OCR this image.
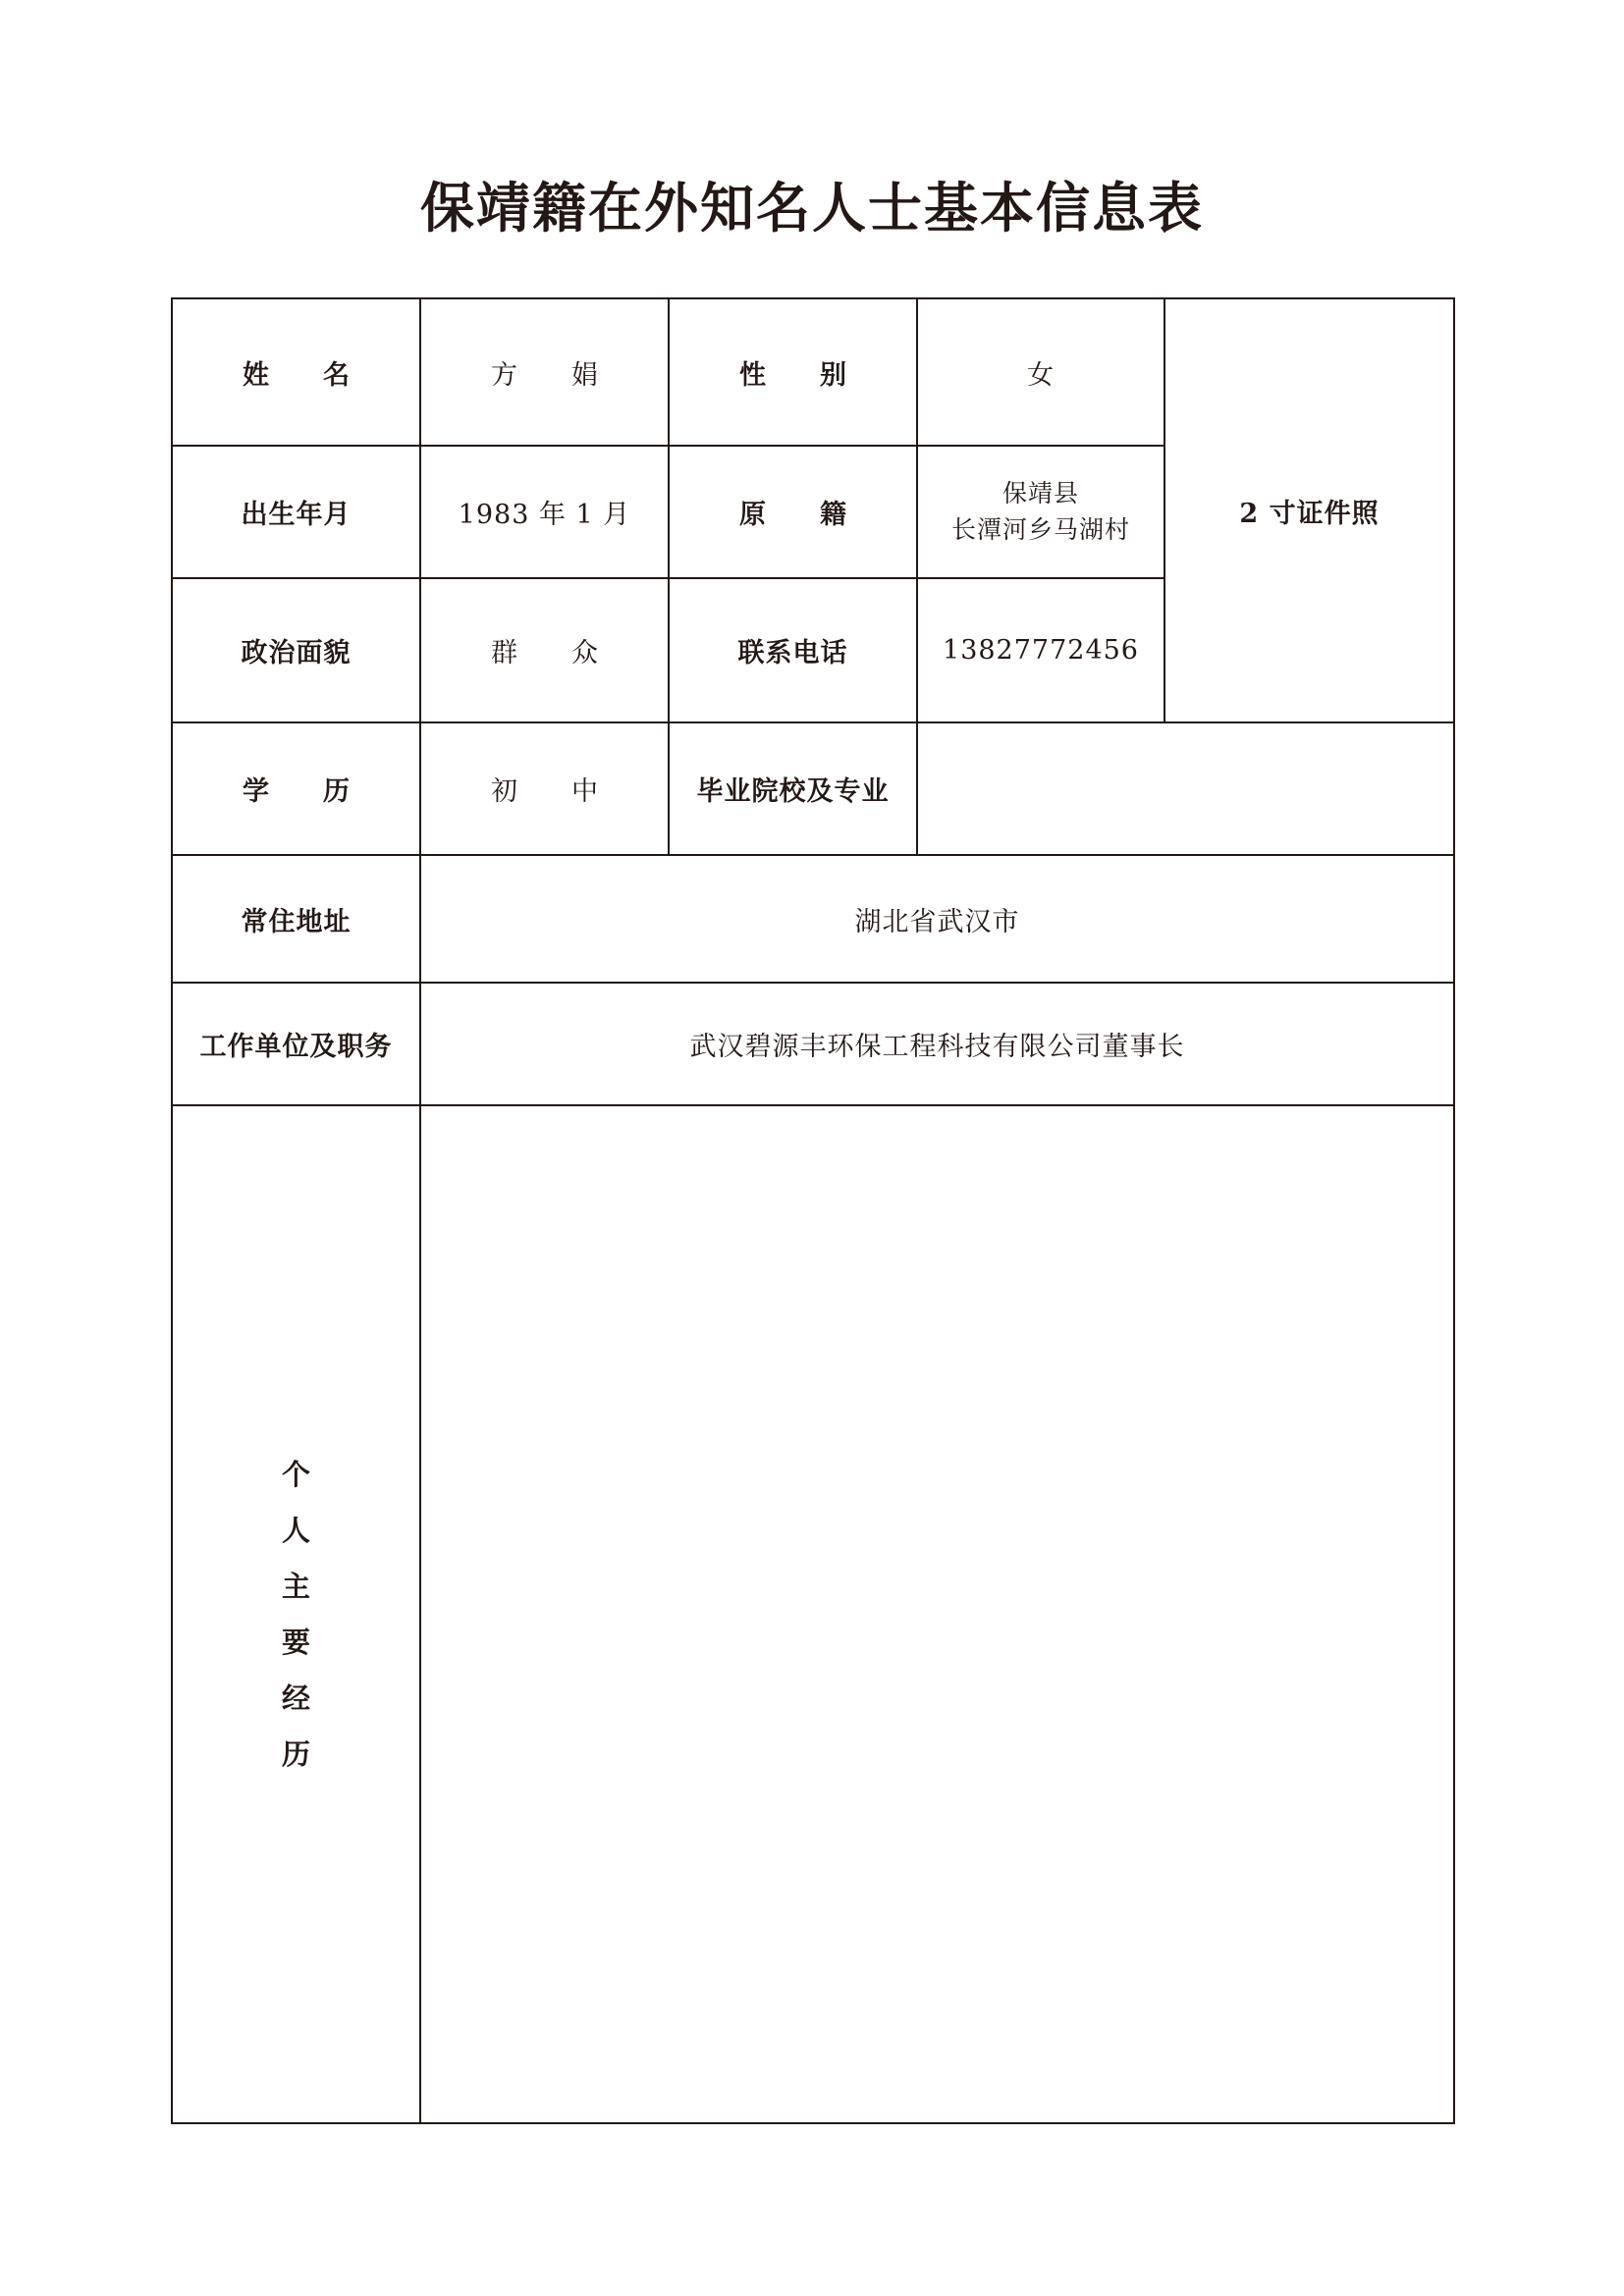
保靖籍在外知名人士基本信息表
姓　名	方　娟	性　别	女	2 寸证件照
出生年月	1983 年 1 月	原　籍	保靖县
长潭河乡马湖村	

政治面貌	群　众	联系电话	13827772456	
学　历	初　中	毕业院校及专业		
常住地址	湖北省武汉市			
工作单位及职务	武汉碧源丰环保工程科技有限公司董事长			

个
人
主
要
经
历
